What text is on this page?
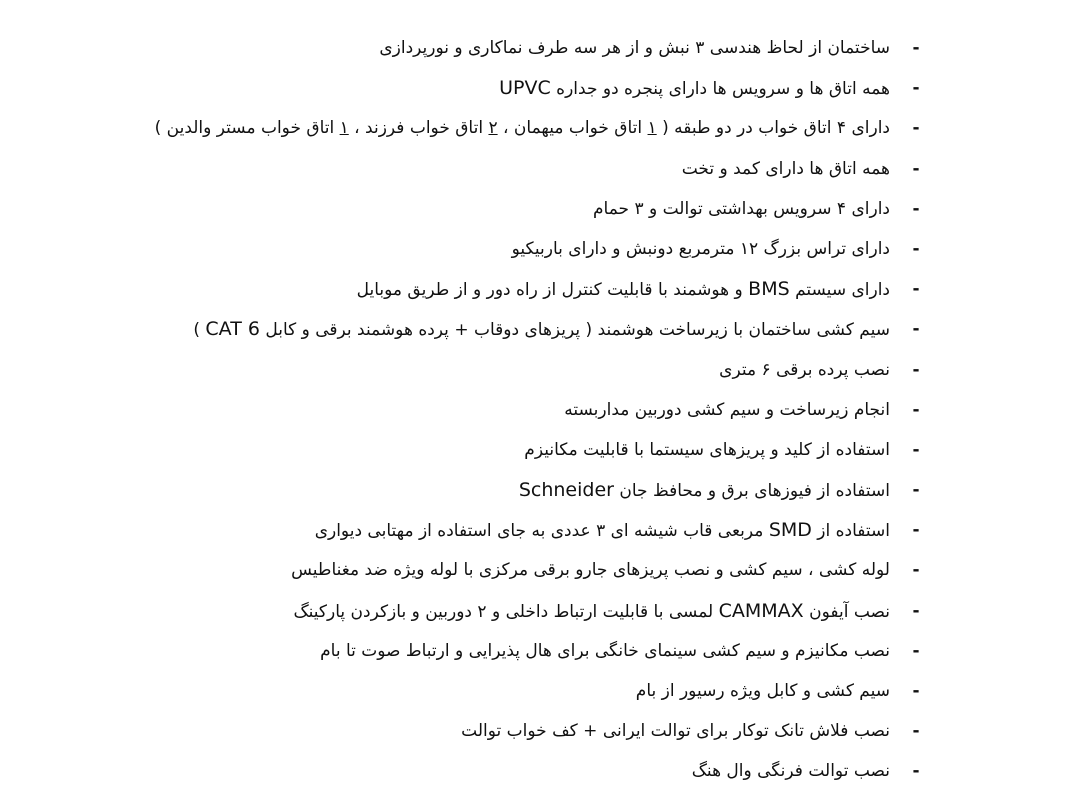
-
ساختمان از لحاظ هندسی ۳ نبش و از هر سه طرف نماکاری و نورپردازی
-
همه اتاق ها و سرویس ها دارای پنجره دو جداره UPVC
-
دارای ۴ اتاق خواب در دو طبقه ( ۱ اتاق خواب میهمان ، ۲ اتاق خواب فرزند ، ۱ اتاق خواب مستر والدین )
-
همه اتاق ها دارای کمد و تخت
-
دارای ۴ سرویس بهداشتی توالت و ۳ حمام
-
دارای تراس بزرگ ۱۲ مترمربع دونبش و دارای باربیکیو
-
دارای سیستم BMS و هوشمند با قابلیت کنترل از راه دور و از طریق موبایل
-
سیم کشی ساختمان با زیرساخت هوشمند ( پریزهای دوقاب + پرده هوشمند برقی و کابل CAT 6 )
-
نصب پرده برقی ۶ متری
-
انجام زیرساخت و سیم کشی دوربین مداربسته
-
استفاده از کلید و پریزهای سیستما با قابلیت مکانیزم
-
استفاده از فیوزهای برق و محافظ جان Schneider
-
استفاده از SMD مربعی قاب شیشه ای ۳ عددی به جای استفاده از مهتابی دیواری
-
لوله کشی ، سیم کشی و نصب پریزهای جارو برقی مرکزی با لوله ویژه ضد مغناطیس
-
نصب آیفون CAMMAX لمسی با قابلیت ارتباط داخلی و ۲ دوربین و بازکردن پارکینگ
-
نصب مکانیزم و سیم کشی سینمای خانگی برای هال پذیرایی و ارتباط صوت تا بام
-
سیم کشی و کابل ویژه رسیور از بام
-
نصب فلاش تانک توکار برای توالت ایرانی + کف خواب توالت
-
نصب توالت فرنگی وال هنگ
